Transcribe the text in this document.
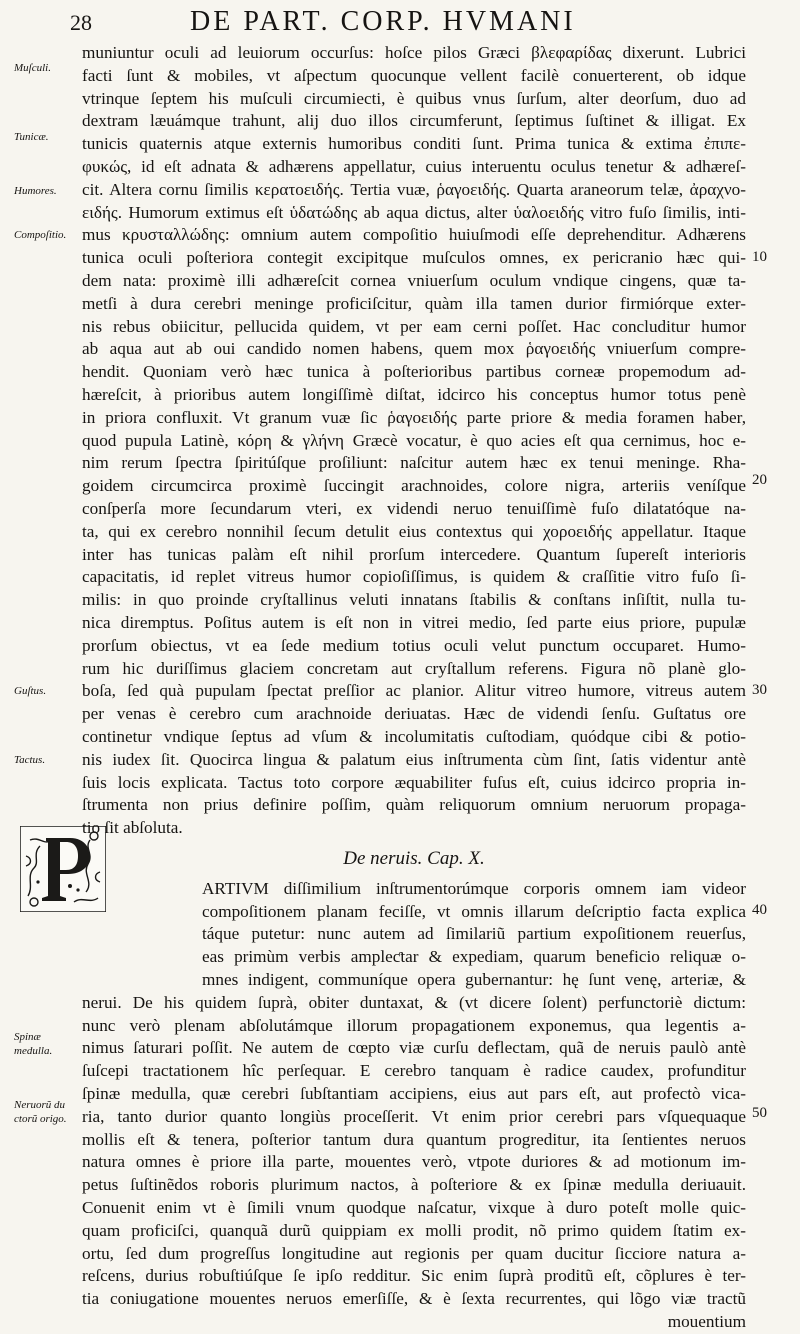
28	DE PART. CORP. HVMANI
Muſculi.
Tunicæ.
Humores.
Compoſitio.
Guſtus.
Tactus.
Spinæ medulla.
Neruorũ du ctorũ origo.
10
20
30
40
50
muniuntur oculi ad leuiorum occurſus: hoſce pilos Græci βλεφαρίδας dixerunt. Lubrici
facti ſunt & mobiles, vt aſpectum quocunque vellent facilè conuerterent, ob idque
vtrinque ſeptem his muſculi circumiecti, è quibus vnus ſurſum, alter deorſum, duo ad
dextram læuámque trahunt, alij duo illos circumferunt, ſeptimus ſuſtinet & illigat. Ex
tunicis quaternis atque externis humoribus conditi ſunt. Prima tunica & extima ἐπιπε-
φυκώς, id eſt adnata & adhærens appellatur, cuius interuentu oculus tenetur & adhæreſ-
cit. Altera cornu ſimilis κερατοειδής. Tertia vuæ, ῥαγοειδής. Quarta araneorum telæ, ἀραχνο-
ειδής. Humorum extimus eſt ὑδατώδης ab aqua dictus, alter ὑαλοειδής vitro fuſo ſimilis, inti-
mus κρυσταλλώδης: omnium autem compoſitio huiuſmodi eſſe deprehenditur. Adhærens
tunica oculi poſteriora contegit excipitque muſculos omnes, ex pericranio hæc qui-
dem nata: proximè illi adhæreſcit cornea vniuerſum oculum vndique cingens, quæ ta-
metſi à dura cerebri meninge proficiſcitur, quàm illa tamen durior firmiórque exter-
nis rebus obiicitur, pellucida quidem, vt per eam cerni poſſet. Hac concluditur humor
ab aqua aut ab oui candido nomen habens, quem mox ῥαγοειδής vniuerſum compre-
hendit. Quoniam verò hæc tunica à poſterioribus partibus corneæ propemodum ad-
hæreſcit, à prioribus autem longiſſimè diſtat, idcirco his conceptus humor totus penè
in priora confluxit. Vt granum vuæ ſic ῥαγοειδής parte priore & media foramen haber,
quod pupula Latinè, κόρη & γλήνη Græcè vocatur, è quo acies eſt qua cernimus, hoc e-
nim rerum ſpectra ſpiritúſque proſiliunt: naſcitur autem hæc ex tenui meninge. Rha-
goidem circumcirca proximè ſuccingit arachnoides, colore nigra, arteriis veníſque
conſperſa more ſecundarum vteri, ex videndi neruo tenuiſſimè fuſo dilatatóque na-
ta, qui ex cerebro nonnihil ſecum detulit eius contextus qui χοροειδής appellatur. Itaque
inter has tunicas palàm eſt nihil prorſum intercedere. Quantum ſupereſt interioris
capacitatis, id replet vitreus humor copioſiſſimus, is quidem & craſſitie vitro fuſo ſi-
milis: in quo proinde cryſtallinus veluti innatans ſtabilis & conſtans inſiſtit, nulla tu-
nica diremptus. Poſitus autem is eſt non in vitrei medio, ſed parte eius priore, pupulæ
prorſum obiectus, vt ea ſede medium totius oculi velut punctum occuparet. Humo-
rum hic duriſſimus glaciem concretam aut cryſtallum referens. Figura nõ planè glo-
boſa, ſed quà pupulam ſpectat preſſior ac planior. Alitur vitreo humore, vitreus autem
per venas è cerebro cum arachnoide deriuatas. Hæc de videndi ſenſu. Guſtatus ore
continetur vndique ſeptus ad vſum & incolumitatis cuſtodiam, quódque cibi & potio-
nis iudex ſit. Quocirca lingua & palatum eius inſtrumenta cùm ſint, ſatis videntur antè
ſuis locis explicata. Tactus toto corpore æquabiliter fuſus eſt, cuius idcirco propria in-
ſtrumenta non prius definire poſſim, quàm reliquorum omnium neruorum propaga-
tio ſit abſoluta.
De neruis. Cap. X.
ARTIVM diſſimilium inſtrumentorúmque corporis omnem iam videor
compoſitionem planam feciſſe, vt omnis illarum deſcriptio facta explica
táque putetur: nunc autem ad ſimilariũ partium expoſitionem reuerſus,
eas primùm verbis ampleƈtar & expediam, quarum beneficio reliquæ o-
mnes indigent, communíque opera gubernantur: hę ſunt venę, arteriæ, &
nerui. De his quidem ſuprà, obiter duntaxat, & (vt dicere ſolent) perfunctoriè dictum:
nunc verò plenam abſolutámque illorum propagationem exponemus, qua legentis a-
nimus ſaturari poſſit. Ne autem de cœpto viæ curſu deflectam, quã de neruis paulò antè
ſuſcepi tractationem hîc perſequar. E cerebro tanquam è radice caudex, profunditur
ſpinæ medulla, quæ cerebri ſubſtantiam accipiens, eius aut pars eſt, aut profectò vica-
ria, tanto durior quanto longiùs proceſſerit. Vt enim prior cerebri pars vſquequaque
mollis eſt & tenera, poſterior tantum dura quantum progreditur, ita ſentientes neruos
natura omnes è priore illa parte, mouentes verò, vtpote duriores & ad motionum im-
petus ſuſtinẽdos roboris plurimum nactos, à poſteriore & ex ſpinæ medulla deriuauit.
Conuenit enim vt è ſimili vnum quodque naſcatur, vixque à duro poteſt molle quic-
quam proficiſci, quanquã durũ quippiam ex molli prodit, nõ primo quidem ſtatim ex-
ortu, ſed dum progreſſus longitudine aut regionis per quam ducitur ſicciore natura a-
reſcens, durius robuſtiúſque ſe ipſo redditur. Sic enim ſuprà proditũ eſt, cõplures è ter-
tia coniugatione mouentes neruos emerſiſſe, & è ſexta recurrentes, qui lõgo viæ tractũ
mouentium
